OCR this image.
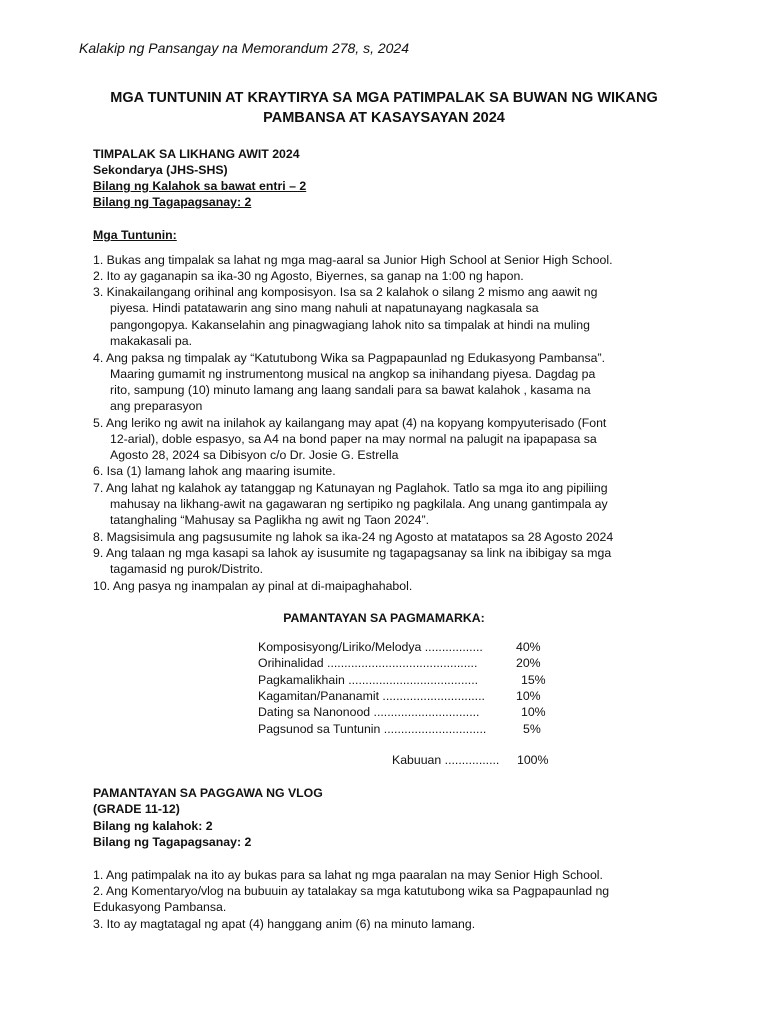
Kalakip ng Pansangay na Memorandum 278, s, 2024
MGA TUNTUNIN AT KRAYTIRYA SA MGA PATIMPALAK SA BUWAN NG WIKANG
PAMBANSA AT KASAYSAYAN 2024
TIMPALAK SA LIKHANG AWIT 2024
Sekondarya (JHS-SHS)
Bilang ng Kalahok sa bawat entri – 2
Bilang ng Tagapagsanay: 2
Mga Tuntunin:
1. Bukas ang timpalak sa lahat ng mga mag-aaral sa Junior High School at Senior High School.
2. Ito ay gaganapin sa ika-30 ng Agosto, Biyernes, sa ganap na 1:00 ng hapon.
3. Kinakailangang orihinal ang komposisyon. Isa sa 2 kalahok o silang 2 mismo ang aawit ng
piyesa. Hindi patatawarin ang sino mang nahuli at napatunayang nagkasala sa
pangongopya. Kakanselahin ang pinagwagiang lahok nito sa timpalak at hindi na muling
makakasali pa.
4. Ang paksa ng timpalak ay “Katutubong Wika sa Pagpapaunlad ng Edukasyong Pambansa”.
Maaring gumamit ng instrumentong musical na angkop sa inihandang piyesa. Dagdag pa
rito, sampung (10) minuto lamang ang laang sandali para sa bawat kalahok , kasama na
ang preparasyon
5. Ang leriko ng awit na inilahok ay kailangang may apat (4) na kopyang kompyuterisado (Font
12-arial), doble espasyo, sa A4 na bond paper na may normal na palugit na ipapapasa sa
Agosto 28, 2024 sa Dibisyon c/o Dr. Josie G. Estrella
6. Isa (1) lamang lahok ang maaring isumite.
7. Ang lahat ng kalahok ay tatanggap ng Katunayan ng Paglahok. Tatlo sa mga ito ang pipiliing
mahusay na likhang-awit na gagawaran ng sertipiko ng pagkilala. Ang unang gantimpala ay
tatanghaling “Mahusay sa Paglikha ng awit ng Taon 2024”.
8. Magsisimula ang pagsusumite ng lahok sa ika-24 ng Agosto at matatapos sa 28 Agosto 2024
9. Ang talaan ng mga kasapi sa lahok ay isusumite ng tagapagsanay sa link na ibibigay sa mga
tagamasid ng purok/Distrito.
10. Ang pasya ng inampalan ay pinal at di-maipaghahabol.
PAMANTAYAN SA PAGMAMARKA:
Komposisyong/Liriko/Melodya .................	40%
Orihinalidad ............................................	20%
Pagkamalikhain ......................................	15%
Kagamitan/Pananamit ..............................	10%
Dating sa Nanonood ...............................	10%
Pagsunod sa Tuntunin ..............................	5%
Kabuuan ................ 100%
PAMANTAYAN SA PAGGAWA NG VLOG
(GRADE 11-12)
Bilang ng kalahok: 2
Bilang ng Tagapagsanay: 2
1. Ang patimpalak na ito ay bukas para sa lahat ng mga paaralan na may Senior High School.
2. Ang Komentaryo/vlog na bubuuin ay tatalakay sa mga katutubong wika sa Pagpapaunlad ng
Edukasyong Pambansa.
3. Ito ay magtatagal ng apat (4) hanggang anim (6) na minuto lamang.
